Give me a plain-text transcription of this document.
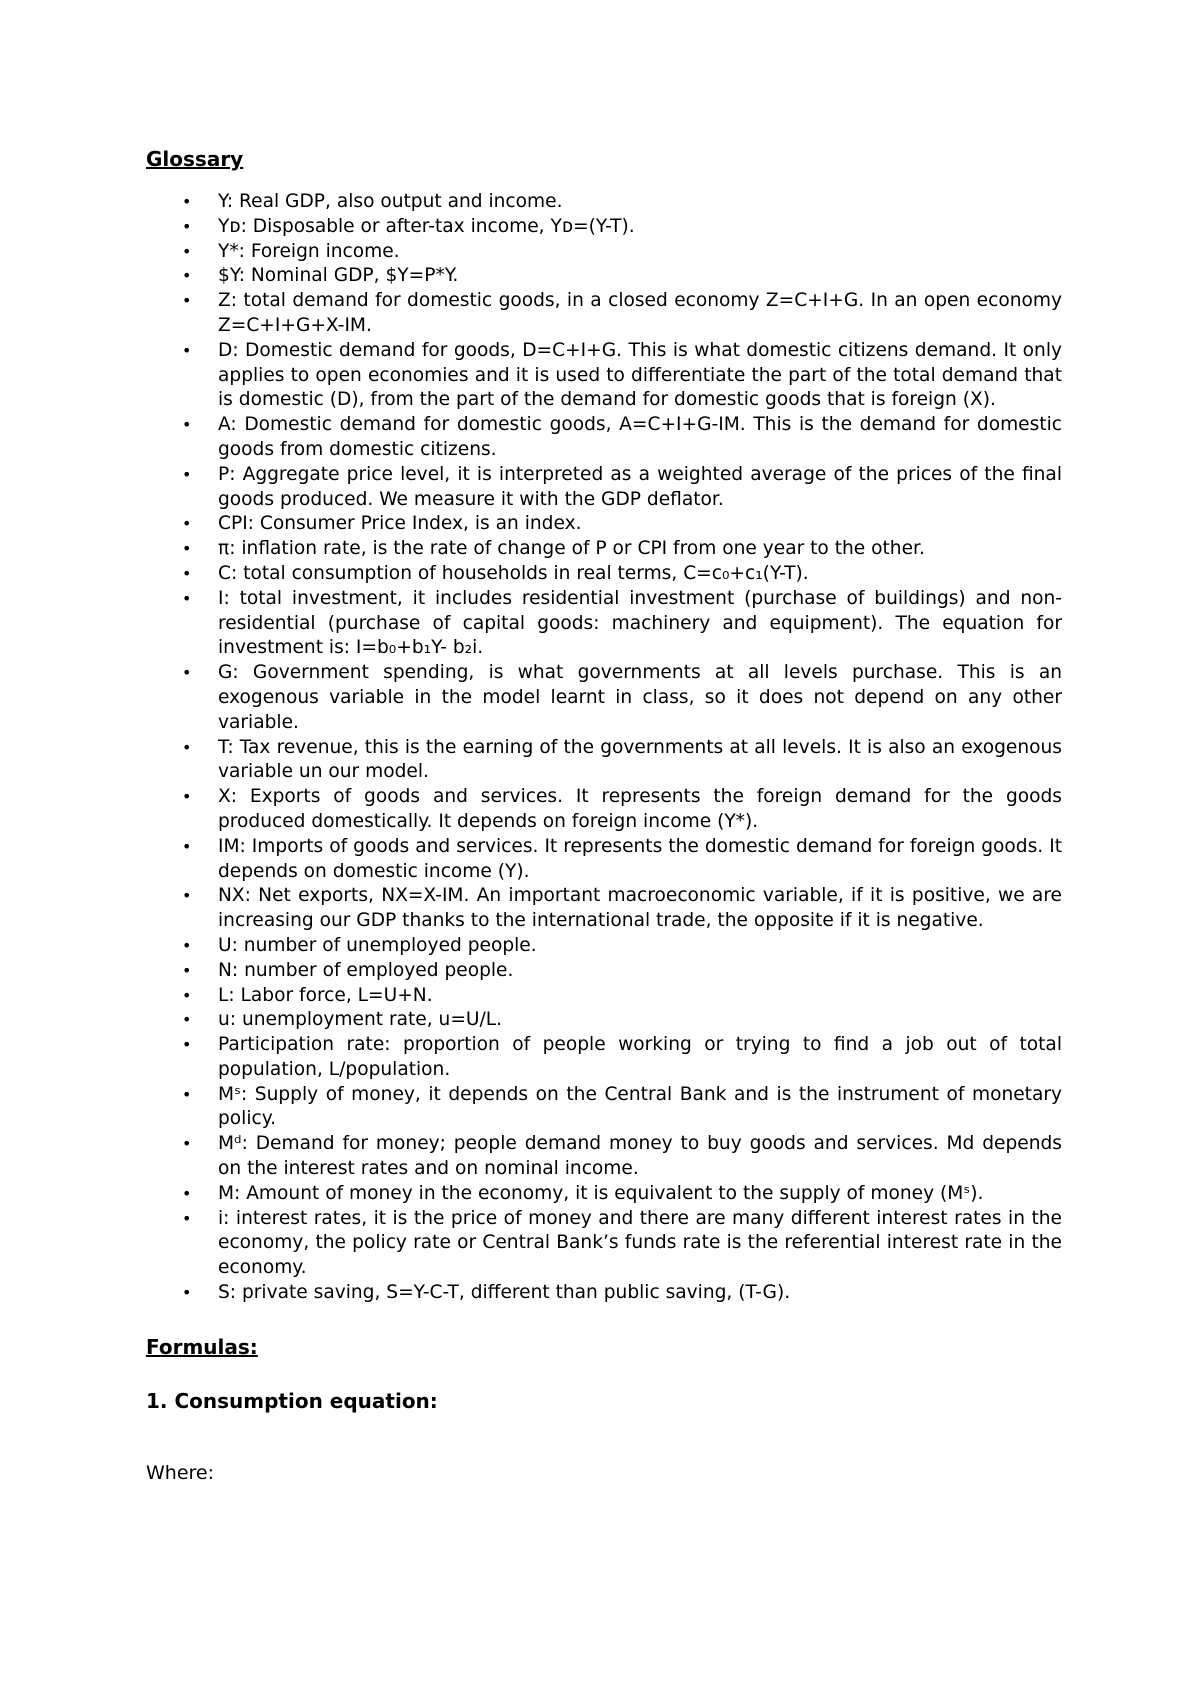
Glossary

• Y: Real GDP, also output and income.
• Yᴅ: Disposable or after-tax income, Yᴅ=(Y-T).
• Y*: Foreign income.
• $Y: Nominal GDP, $Y=P*Y.
• Z: total demand for domestic goods, in a closed economy Z=C+I+G. In an open economy Z=C+I+G+X-IM.
• D: Domestic demand for goods, D=C+I+G. This is what domestic citizens demand. It only applies to open economies and it is used to differentiate the part of the total demand that is domestic (D), from the part of the demand for domestic goods that is foreign (X).
• A: Domestic demand for domestic goods, A=C+I+G-IM. This is the demand for domestic goods from domestic citizens.
• P: Aggregate price level, it is interpreted as a weighted average of the prices of the final goods produced. We measure it with the GDP deflator.
• CPI: Consumer Price Index, is an index.
• π: inflation rate, is the rate of change of P or CPI from one year to the other.
• C: total consumption of households in real terms, C=c₀+c₁(Y-T).
• I: total investment, it includes residential investment (purchase of buildings) and non-residential (purchase of capital goods: machinery and equipment). The equation for investment is: I=b₀+b₁Y- b₂i.
• G: Government spending, is what governments at all levels purchase. This is an exogenous variable in the model learnt in class, so it does not depend on any other variable.
• T: Tax revenue, this is the earning of the governments at all levels. It is also an exogenous variable un our model.
• X: Exports of goods and services. It represents the foreign demand for the goods produced domestically. It depends on foreign income (Y*).
• IM: Imports of goods and services. It represents the domestic demand for foreign goods. It depends on domestic income (Y).
• NX: Net exports, NX=X-IM. An important macroeconomic variable, if it is positive, we are increasing our GDP thanks to the international trade, the opposite if it is negative.
• U: number of unemployed people.
• N: number of employed people.
• L: Labor force, L=U+N.
• u: unemployment rate, u=U/L.
• Participation rate: proportion of people working or trying to find a job out of total population, L/population.
• Mˢ: Supply of money, it depends on the Central Bank and is the instrument of monetary policy.
• Mᵈ: Demand for money; people demand money to buy goods and services. Md depends on the interest rates and on nominal income.
• M: Amount of money in the economy, it is equivalent to the supply of money (Mˢ).
• i: interest rates, it is the price of money and there are many different interest rates in the economy, the policy rate or Central Bank’s funds rate is the referential interest rate in the economy.
• S: private saving, S=Y-C-T, different than public saving, (T-G).

Formulas:

1. Consumption equation:
Where:
